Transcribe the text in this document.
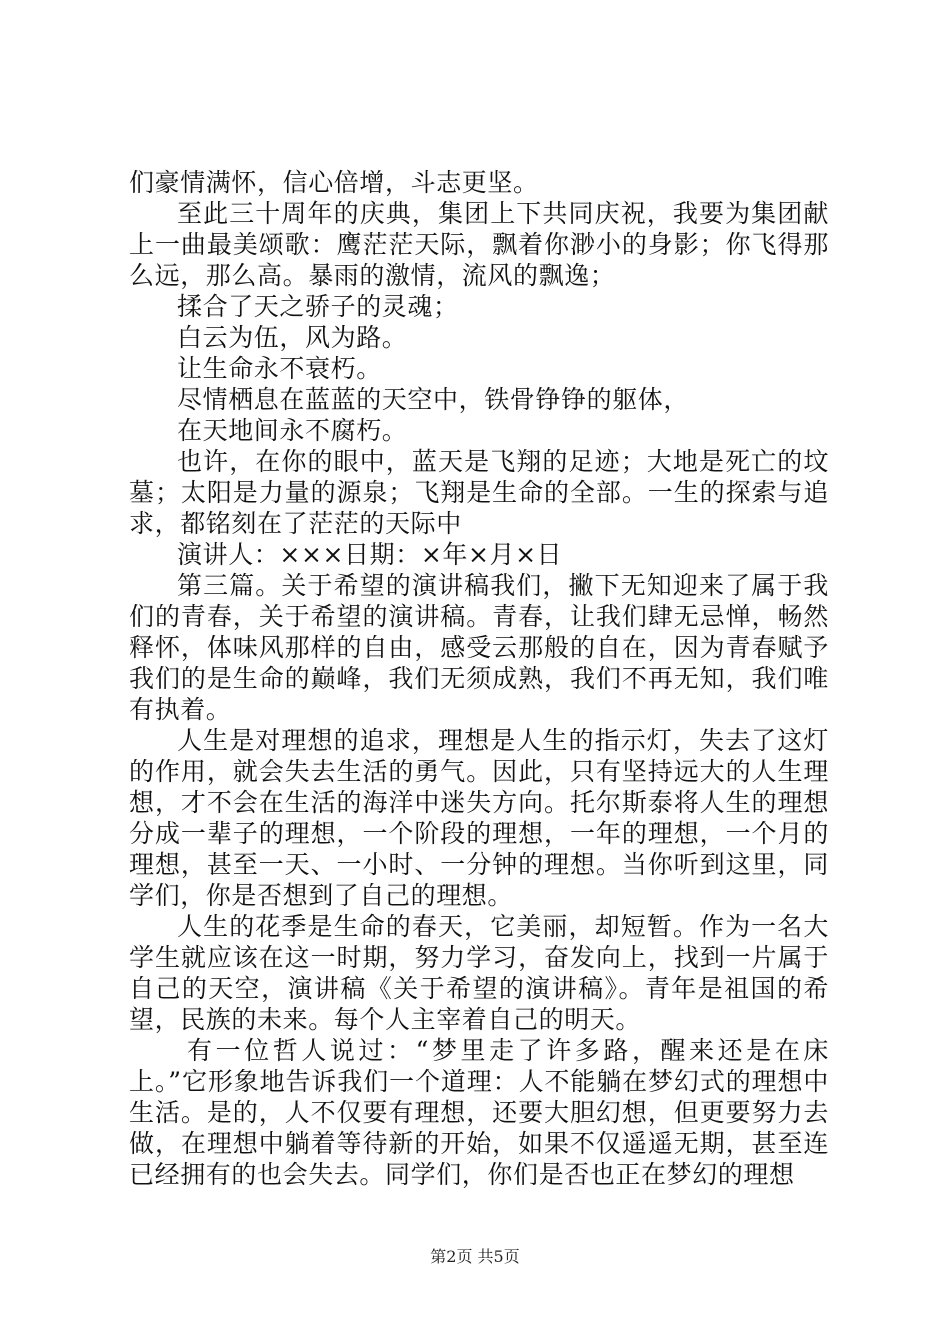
们豪情满怀，信心倍增，斗志更坚。

至此三十周年的庆典，集团上下共同庆祝，我要为集团献上一曲最美颂歌：鹰茫茫天际，飘着你渺小的身影；你飞得那么远，那么高。暴雨的激情，流风的飘逸；

揉合了天之骄子的灵魂；

白云为伍，风为路。

让生命永不衰朽。

尽情栖息在蓝蓝的天空中，铁骨铮铮的躯体，

在天地间永不腐朽。

也许，在你的眼中，蓝天是飞翔的足迹；大地是死亡的坟墓；太阳是力量的源泉；飞翔是生命的全部。一生的探索与追求，都铭刻在了茫茫的天际中

演讲人：×××日期：×年×月×日

第三篇。关于希望的演讲稿我们，撇下无知迎来了属于我们的青春，关于希望的演讲稿。青春，让我们肆无忌惮，畅然释怀，体味风那样的自由，感受云那般的自在，因为青春赋予我们的是生命的巅峰，我们无须成熟，我们不再无知，我们唯有执着。

人生是对理想的追求，理想是人生的指示灯，失去了这灯的作用，就会失去生活的勇气。因此，只有坚持远大的人生理想，才不会在生活的海洋中迷失方向。托尔斯泰将人生的理想分成一辈子的理想，一个阶段的理想，一年的理想，一个月的理想，甚至一天、一小时、一分钟的理想。当你听到这里，同学们，你是否想到了自己的理想。

人生的花季是生命的春天，它美丽，却短暂。作为一名大学生就应该在这一时期，努力学习，奋发向上，找到一片属于自己的天空，演讲稿《关于希望的演讲稿》。青年是祖国的希望，民族的未来。每个人主宰着自己的明天。

有一位哲人说过：“梦里走了许多路，醒来还是在床上。”它形象地告诉我们一个道理：人不能躺在梦幻式的理想中生活。是的，人不仅要有理想，还要大胆幻想，但更要努力去做，在理想中躺着等待新的开始，如果不仅遥遥无期，甚至连已经拥有的也会失去。同学们，你们是否也正在梦幻的理想

第2页 共5页
